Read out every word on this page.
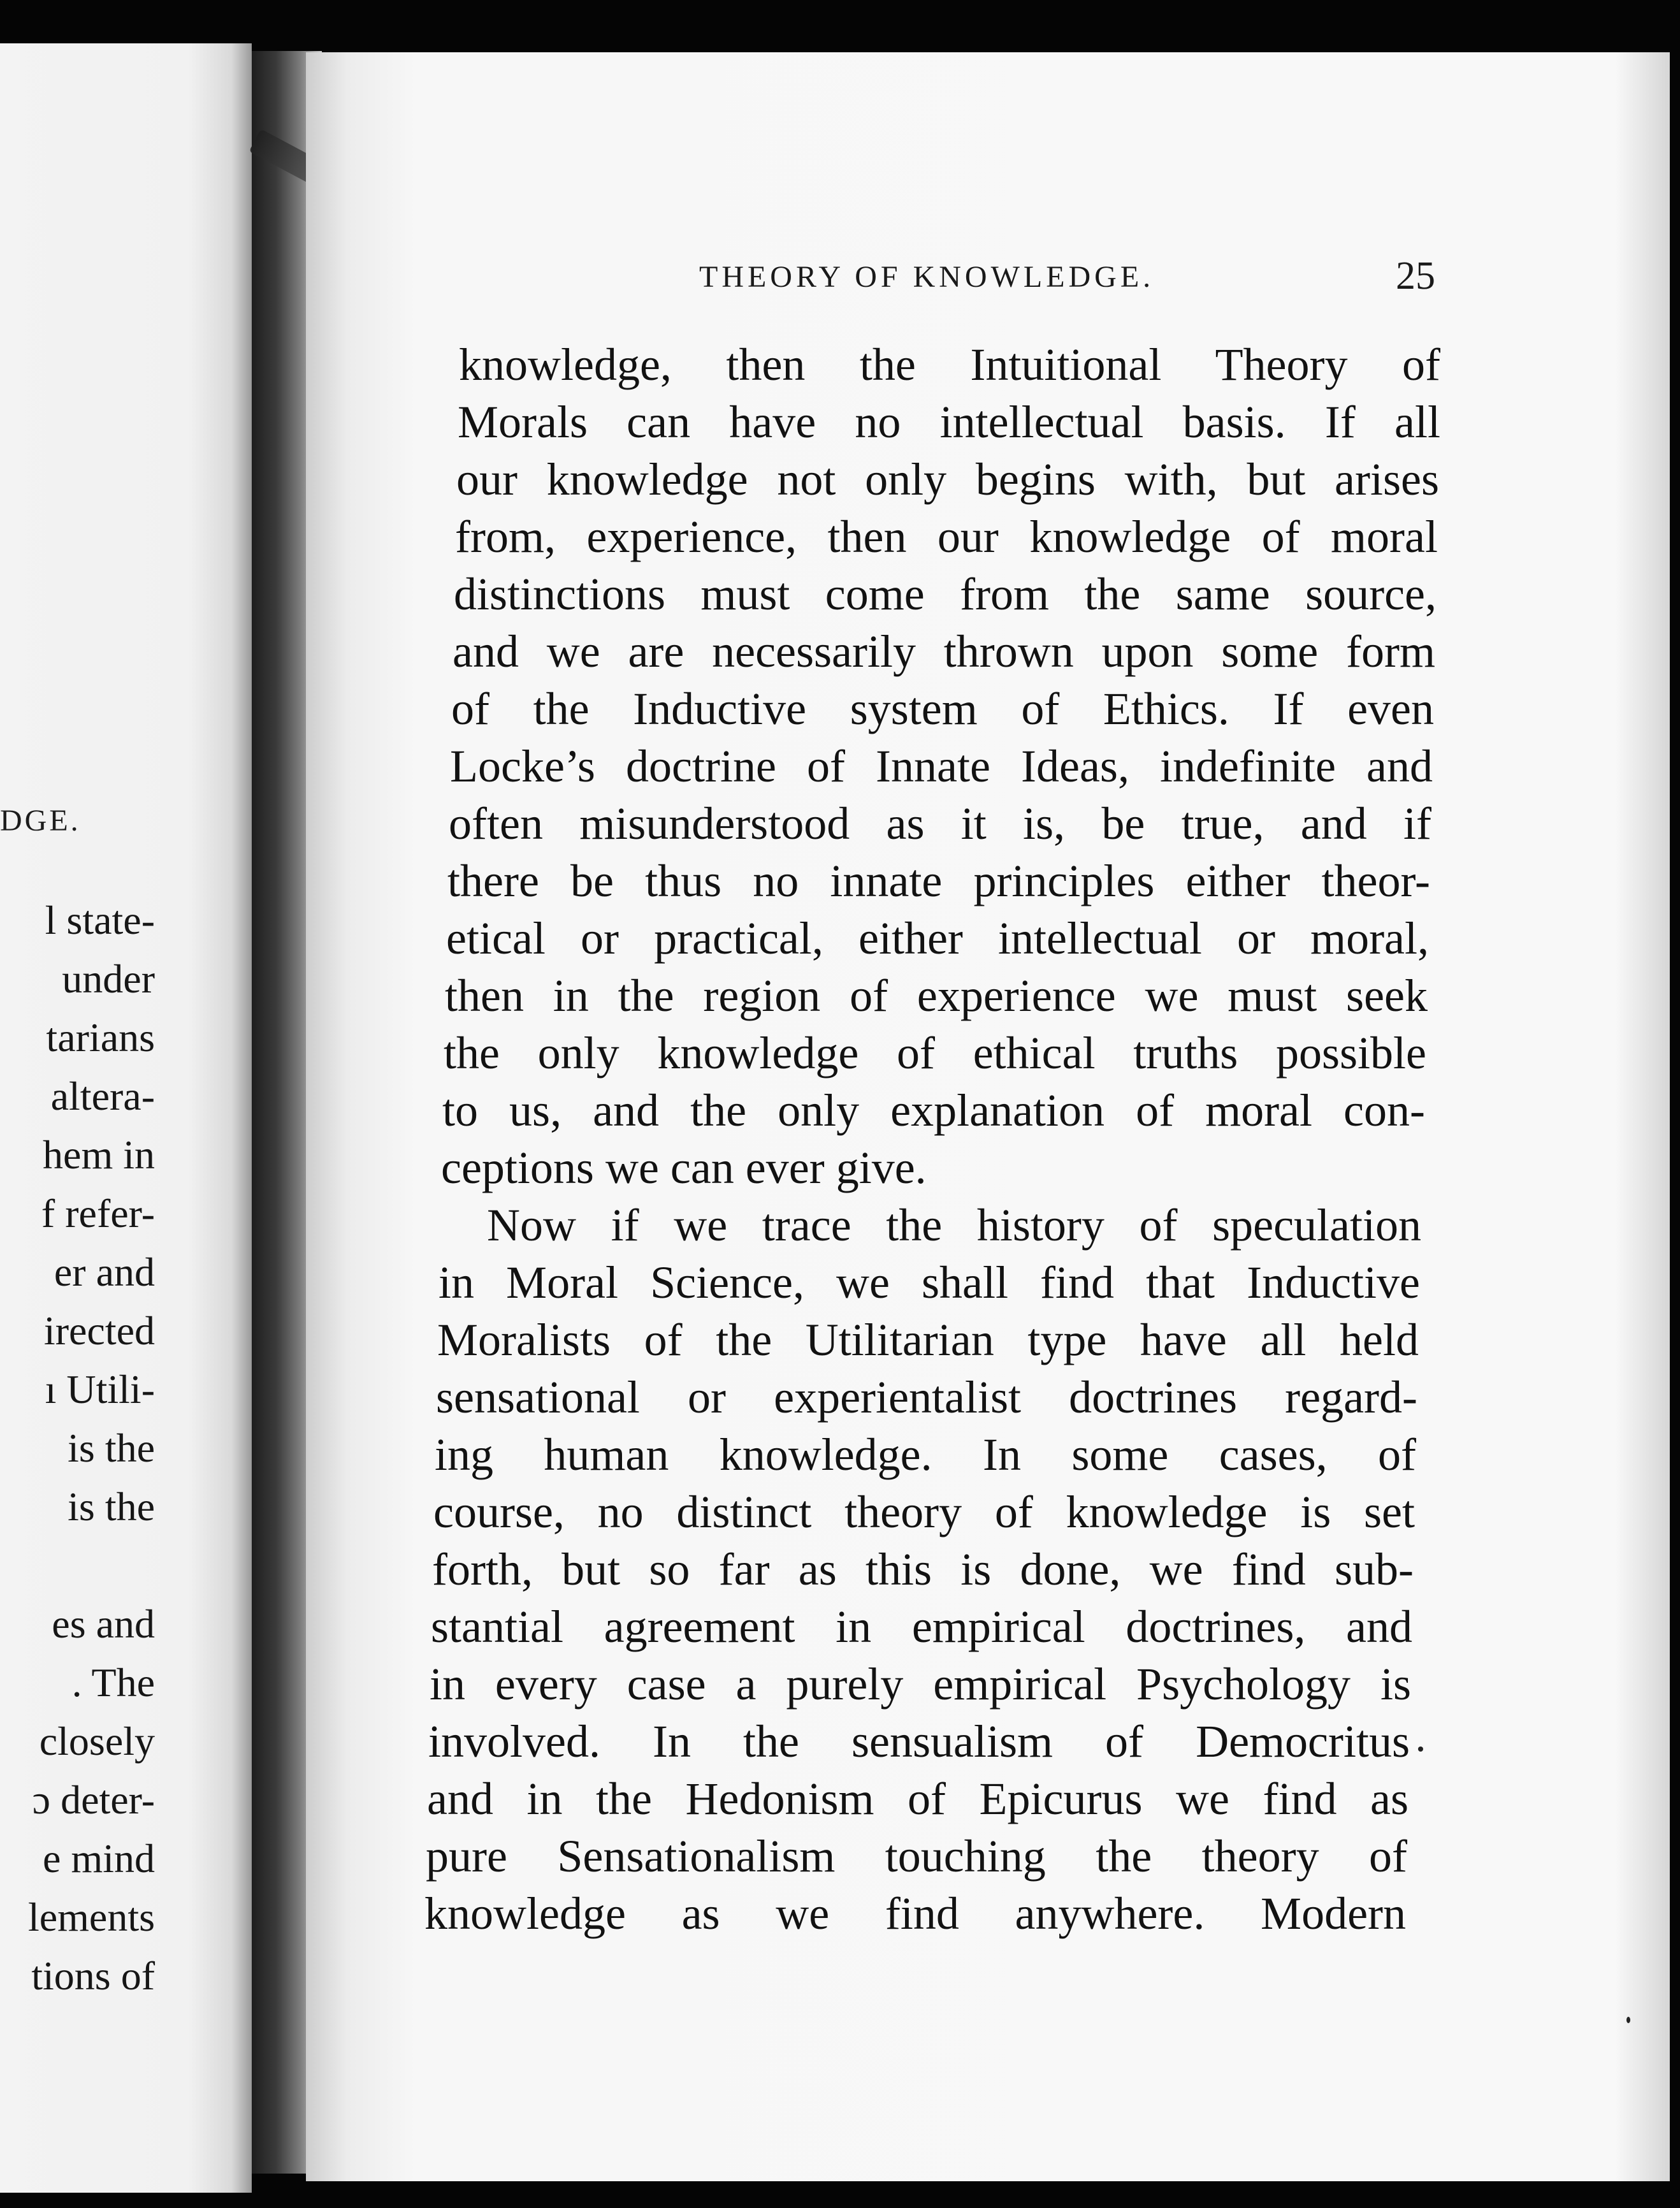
DGE.
l state-
under
tarians
altera-
hem in
f refer-
er and
irected
ı Utili-
is the
is the

es and
. The
closely
ɔ deter-
e mind
lements
tions of
THEORY OF KNOWLEDGE.	25
knowledge, then the Intuitional Theory of
Morals can have no intellectual basis. If all
our knowledge not only begins with, but arises
from, experience, then our knowledge of moral
distinctions must come from the same source,
and we are necessarily thrown upon some form
of the Inductive system of Ethics. If even
Locke’s doctrine of Innate Ideas, indefinite and
often misunderstood as it is, be true, and if
there be thus no innate principles either theor-
etical or practical, either intellectual or moral,
then in the region of experience we must seek
the only knowledge of ethical truths possible
to us, and the only explanation of moral con-
ceptions we can ever give.
Now if we trace the history of speculation
in Moral Science, we shall find that Inductive
Moralists of the Utilitarian type have all held
sensational or experientalist doctrines regard-
ing human knowledge. In some cases, of
course, no distinct theory of knowledge is set
forth, but so far as this is done, we find sub-
stantial agreement in empirical doctrines, and
in every case a purely empirical Psychology is
involved. In the sensualism of Democritus
and in the Hedonism of Epicurus we find as
pure Sensationalism touching the theory of
knowledge as we find anywhere. Modern
